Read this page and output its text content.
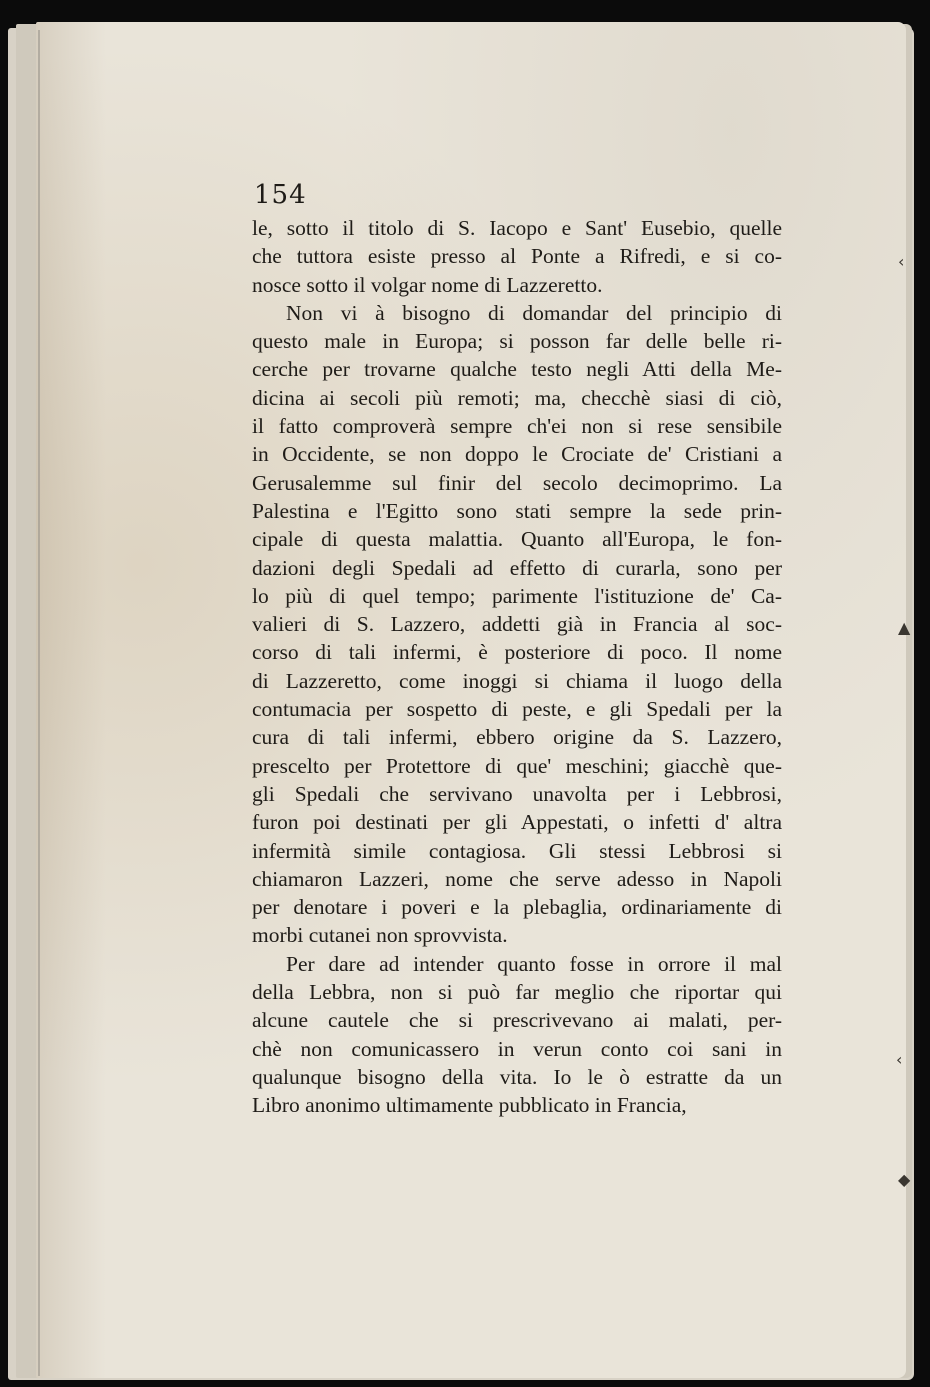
154
le, sotto il titolo di S. Iacopo e Sant' Eusebio, quelle
che tuttora esiste presso al Ponte a Rifredi, e si co-
nosce sotto il volgar nome di Lazzeretto.
Non vi à bisogno di domandar del principio di
questo male in Europa; si posson far delle belle ri-
cerche per trovarne qualche testo negli Atti della Me-
dicina ai secoli più remoti; ma, checchè siasi di ciò,
il fatto comproverà sempre ch'ei non si rese sensibile
in Occidente, se non doppo le Crociate de' Cristiani a
Gerusalemme sul finir del secolo decimoprimo. La
Palestina e l'Egitto sono stati sempre la sede prin-
cipale di questa malattia. Quanto all'Europa, le fon-
dazioni degli Spedali ad effetto di curarla, sono per
lo più di quel tempo; parimente l'istituzione de' Ca-
valieri di S. Lazzero, addetti già in Francia al soc-
corso di tali infermi, è posteriore di poco. Il nome
di Lazzeretto, come inoggi si chiama il luogo della
contumacia per sospetto di peste, e gli Spedali per la
cura di tali infermi, ebbero origine da S. Lazzero,
prescelto per Protettore di que' meschini; giacchè que-
gli Spedali che servivano unavolta per i Lebbrosi,
furon poi destinati per gli Appestati, o infetti d' altra
infermità simile contagiosa. Gli stessi Lebbrosi si
chiamaron Lazzeri, nome che serve adesso in Napoli
per denotare i poveri e la plebaglia, ordinariamente di
morbi cutanei non sprovvista.
Per dare ad intender quanto fosse in orrore il mal
della Lebbra, non si può far meglio che riportar qui
alcune cautele che si prescrivevano ai malati, per-
chè non comunicassero in verun conto coi sani in
qualunque bisogno della vita. Io le ò estratte da un
Libro anonimo ultimamente pubblicato in Francia,
‹
▲
‹
◆
